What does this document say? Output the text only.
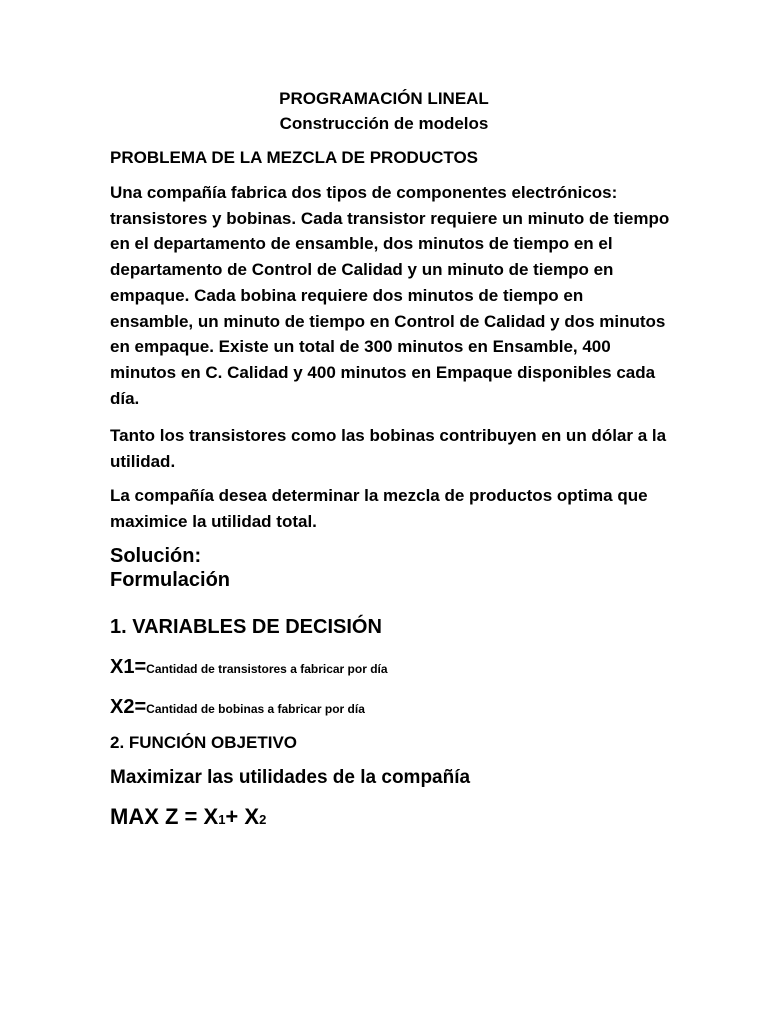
PROGRAMACIÓN LINEAL
Construcción de modelos
PROBLEMA DE LA MEZCLA DE PRODUCTOS
Una compañía fabrica dos tipos de componentes electrónicos: transistores y bobinas. Cada transistor requiere un minuto de tiempo en el departamento de ensamble, dos minutos de tiempo en el departamento de Control de Calidad y un minuto de tiempo en empaque. Cada bobina requiere dos minutos de tiempo en ensamble, un minuto de tiempo en Control de Calidad y dos minutos en empaque. Existe un total de 300 minutos en Ensamble, 400 minutos en C. Calidad y 400 minutos en Empaque disponibles cada día.
Tanto los transistores como las bobinas contribuyen en un dólar a la utilidad.
La compañía desea determinar la mezcla de productos optima que maximice la utilidad total.
Solución:
Formulación
1. VARIABLES DE DECISIÓN
X1=Cantidad de transistores a fabricar por día
X2=Cantidad de bobinas a fabricar por día
2. FUNCIÓN OBJETIVO
Maximizar las utilidades de la compañía
MAX Z = X1+ X2
